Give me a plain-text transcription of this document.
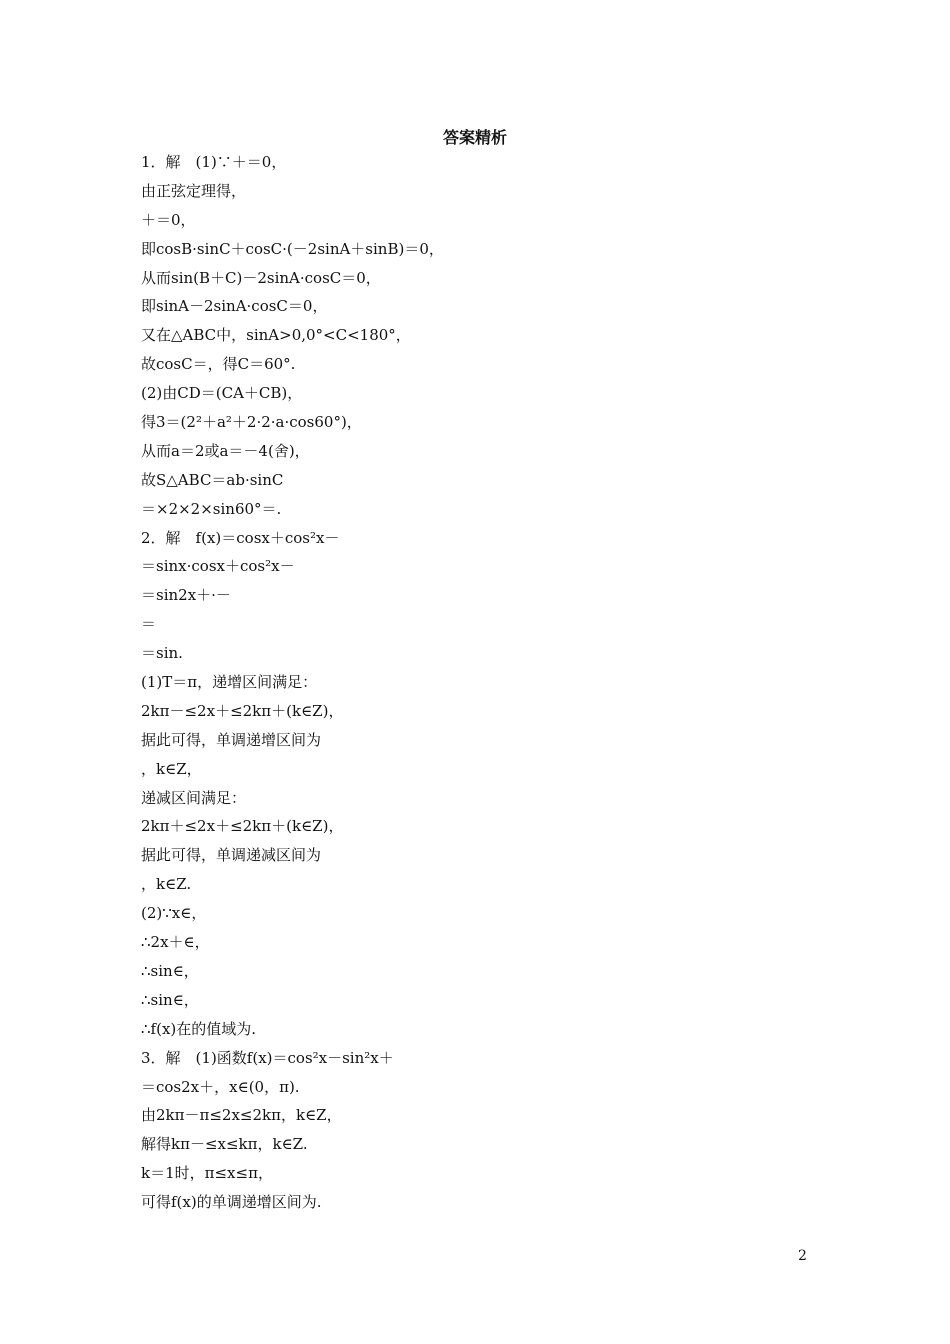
答案精析
1．解　(1)∵＋＝0，
由正弦定理得，
＋＝0，
即cosB·sinC＋cosC·(－2sinA＋sinB)＝0，
从而sin(B＋C)－2sinA·cosC＝0，
即sinA－2sinA·cosC＝0，
又在△ABC中，sinA>0,0°<C<180°，
故cosC＝，得C＝60°.
(2)由CD＝(CA＋CB)，
得3＝(2²＋a²＋2·2·a·cos60°)，
从而a＝2或a＝－4(舍)，
故S△ABC＝ab·sinC
＝×2×2×sin60°＝.
2．解　f(x)＝cosx＋cos²x－
＝sinx·cosx＋cos²x－
＝sin2x＋·－
＝
＝sin.
(1)T＝π，递增区间满足：
2kπ－≤2x＋≤2kπ＋(k∈Z)，
据此可得，单调递增区间为
，k∈Z，
递减区间满足：
2kπ＋≤2x＋≤2kπ＋(k∈Z)，
据此可得，单调递减区间为
，k∈Z.
(2)∵x∈，
∴2x＋∈，
∴sin∈，
∴sin∈，
∴f(x)在的值域为.
3．解　(1)函数f(x)＝cos²x－sin²x＋
＝cos2x＋，x∈(0，π).
由2kπ－π≤2x≤2kπ，k∈Z，
解得kπ－≤x≤kπ，k∈Z.
k＝1时，π≤x≤π，
可得f(x)的单调递增区间为.
2
